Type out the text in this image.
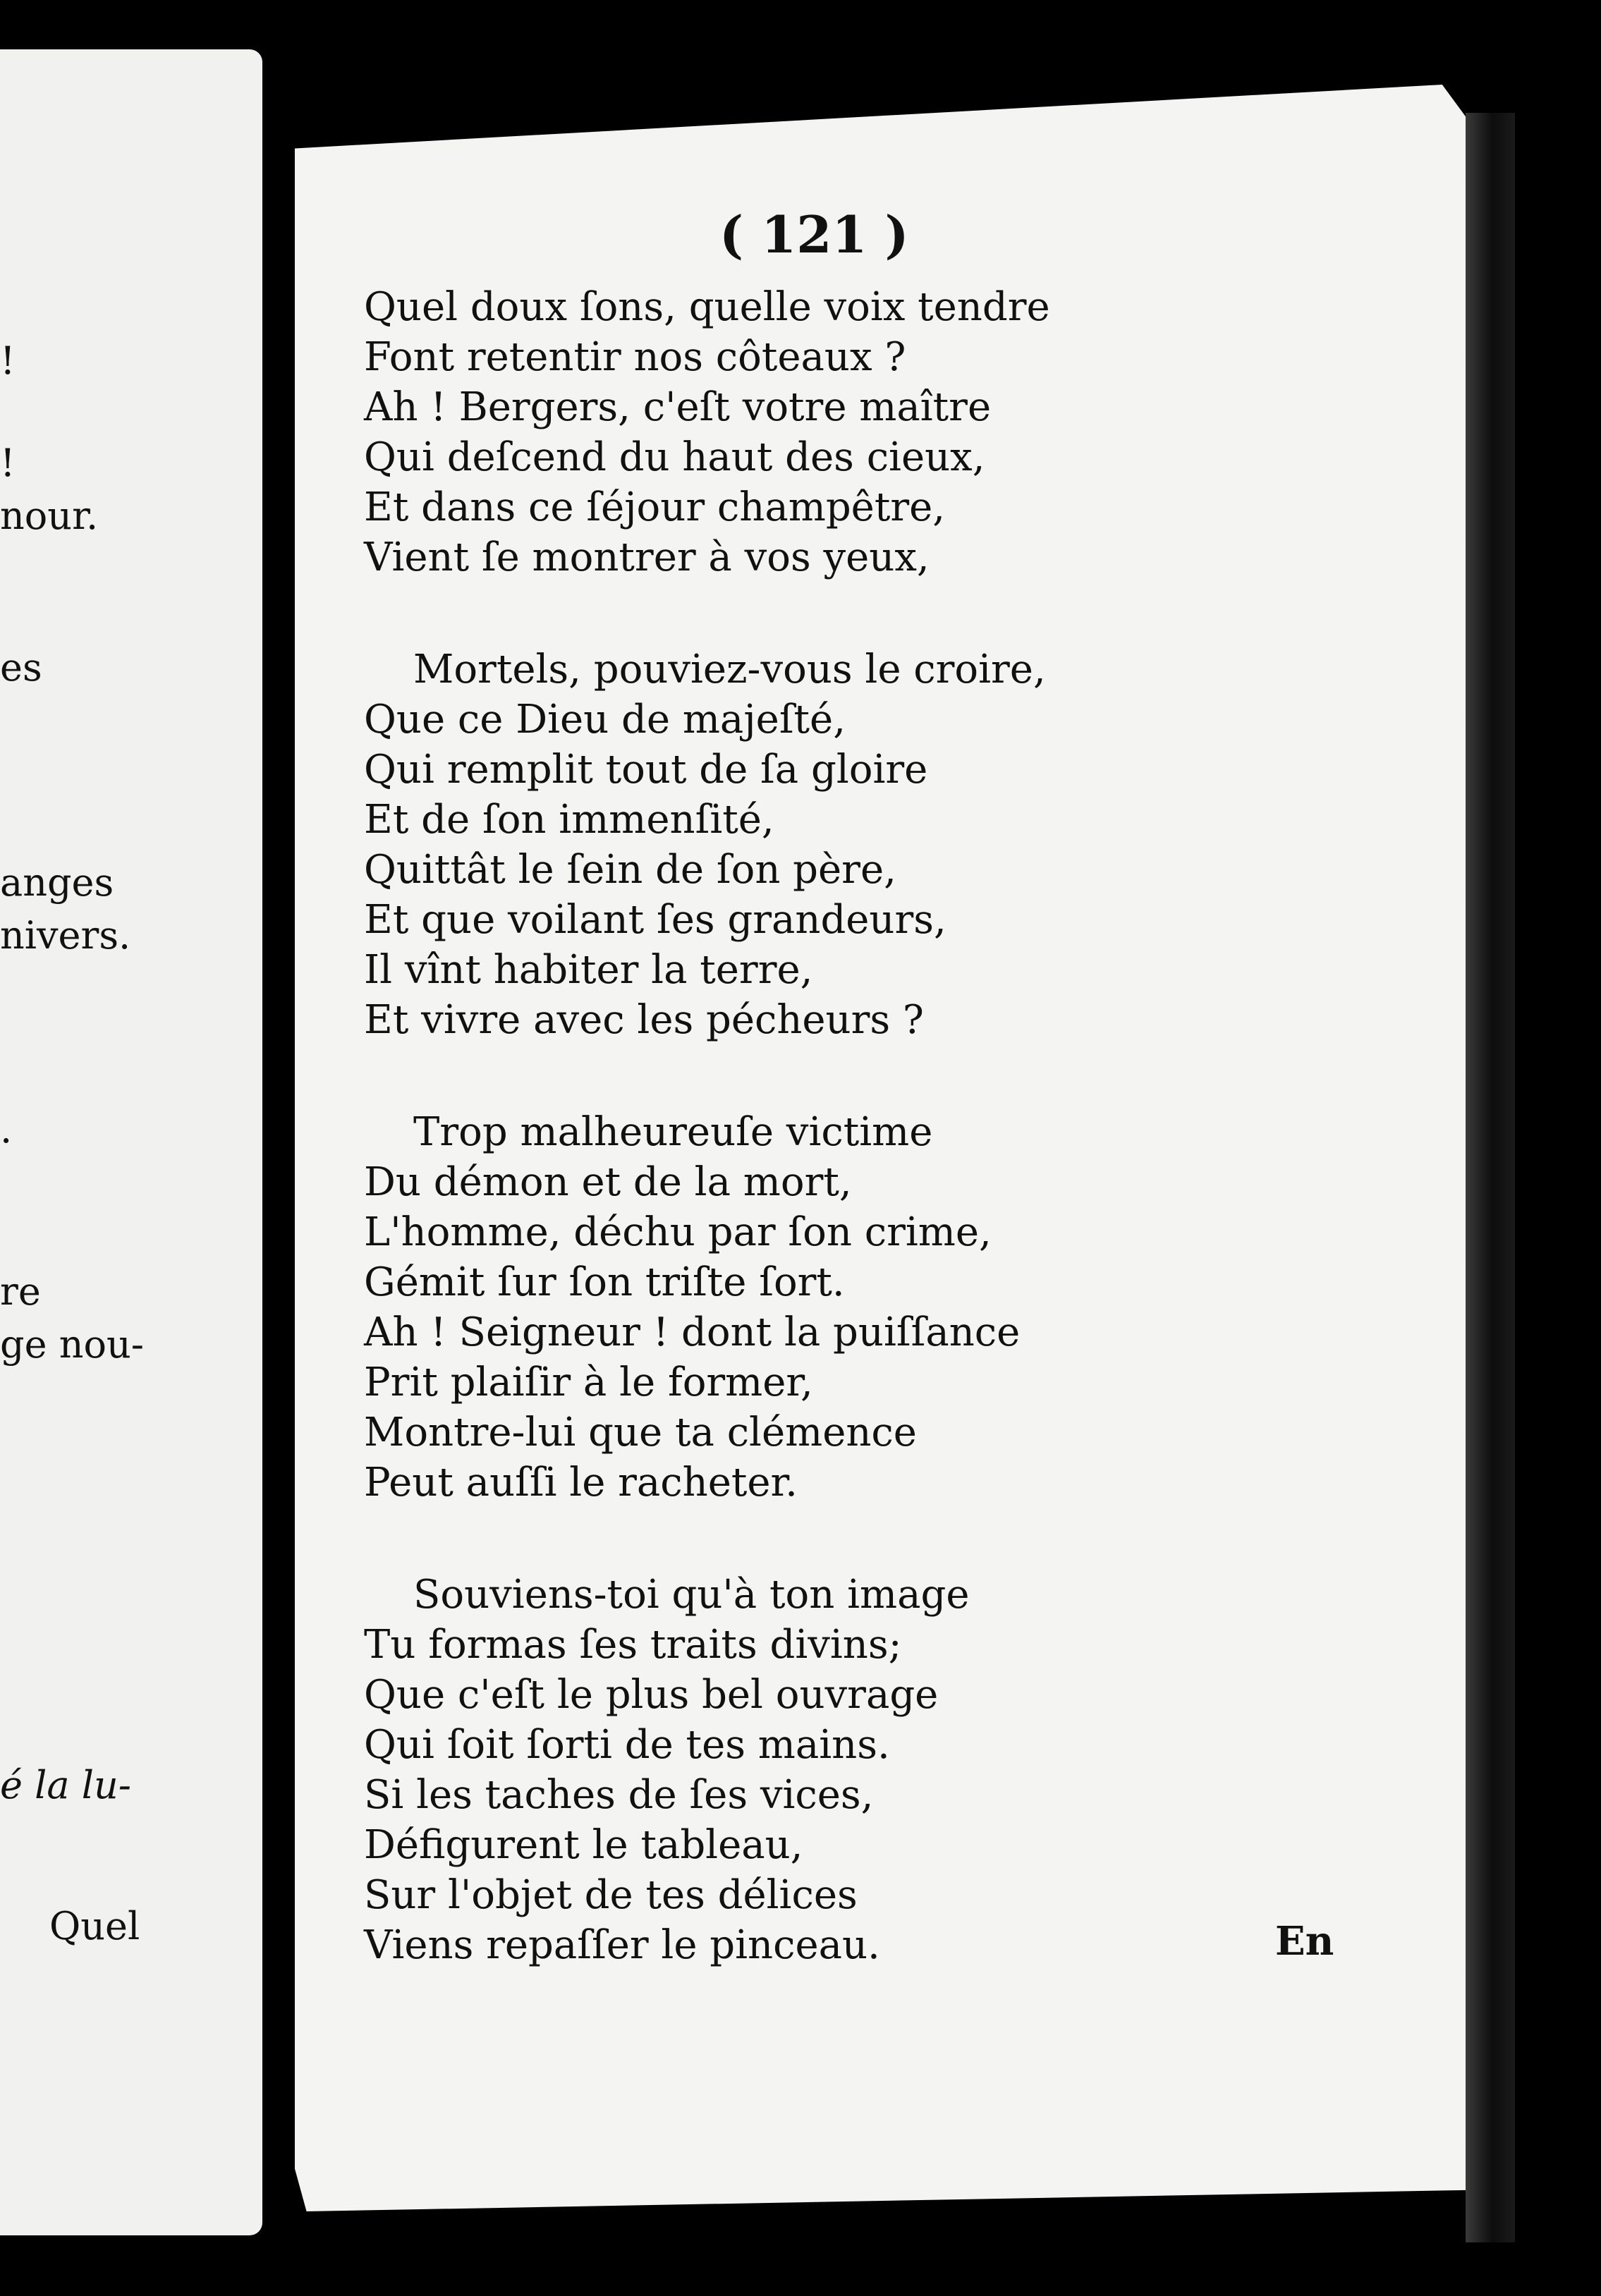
!
!
nour.
es
anges
nivers.
.
re
ge nou-
é la lu-
Quel
( 121 )
Quel doux ſons, quelle voix tendre
Font retentir nos côteaux ?
Ah ! Bergers, c'eſt votre maître
Qui deſcend du haut des cieux,
Et dans ce ſéjour champêtre,
Vient ſe montrer à vos yeux,
Mortels, pouviez-vous le croire,
Que ce Dieu de majeſté,
Qui remplit tout de ſa gloire
Et de ſon immenſité,
Quittât le ſein de ſon père,
Et que voilant ſes grandeurs,
Il vînt habiter la terre,
Et vivre avec les pécheurs ?
Trop malheureuſe victime
Du démon et de la mort,
L'homme, déchu par ſon crime,
Gémit ſur ſon triſte ſort.
Ah ! Seigneur ! dont la puiſſance
Prit plaiſir à le former,
Montre-lui que ta clémence
Peut auſſi le racheter.
Souviens-toi qu'à ton image
Tu formas ſes traits divins;
Que c'eſt le plus bel ouvrage
Qui ſoit ſorti de tes mains.
Si les taches de ſes vices,
Défigurent le tableau,
Sur l'objet de tes délices
Viens repaſſer le pinceau.	En
